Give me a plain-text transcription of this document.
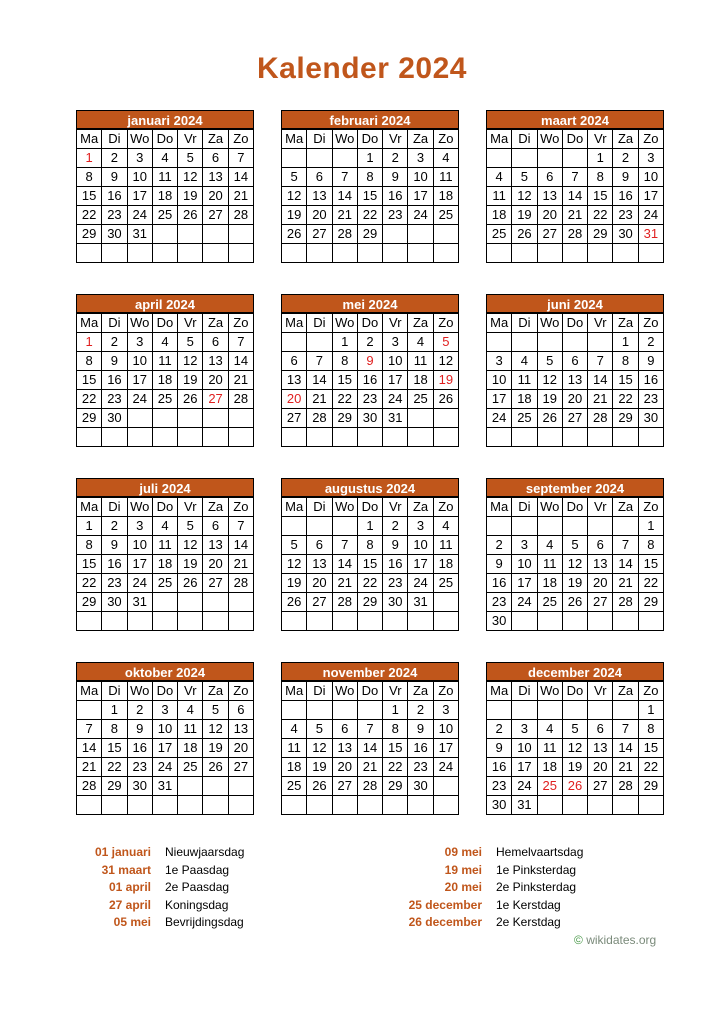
Kalender 2024
januari 2024
Ma	Di	Wo	Do	Vr	Za	Zo
1	2	3	4	5	6	7
8	9	10	11	12	13	14
15	16	17	18	19	20	21
22	23	24	25	26	27	28
29	30	31				

februari 2024
Ma	Di	Wo	Do	Vr	Za	Zo
			1	2	3	4
5	6	7	8	9	10	11
12	13	14	15	16	17	18
19	20	21	22	23	24	25
26	27	28	29			

maart 2024
Ma	Di	Wo	Do	Vr	Za	Zo
				1	2	3
4	5	6	7	8	9	10
11	12	13	14	15	16	17
18	19	20	21	22	23	24
25	26	27	28	29	30	31

april 2024
Ma	Di	Wo	Do	Vr	Za	Zo
1	2	3	4	5	6	7
8	9	10	11	12	13	14
15	16	17	18	19	20	21
22	23	24	25	26	27	28
29	30					

mei 2024
Ma	Di	Wo	Do	Vr	Za	Zo
		1	2	3	4	5
6	7	8	9	10	11	12
13	14	15	16	17	18	19
20	21	22	23	24	25	26
27	28	29	30	31		

juni 2024
Ma	Di	Wo	Do	Vr	Za	Zo
					1	2
3	4	5	6	7	8	9
10	11	12	13	14	15	16
17	18	19	20	21	22	23
24	25	26	27	28	29	30

juli 2024
Ma	Di	Wo	Do	Vr	Za	Zo
1	2	3	4	5	6	7
8	9	10	11	12	13	14
15	16	17	18	19	20	21
22	23	24	25	26	27	28
29	30	31				

augustus 2024
Ma	Di	Wo	Do	Vr	Za	Zo
			1	2	3	4
5	6	7	8	9	10	11
12	13	14	15	16	17	18
19	20	21	22	23	24	25
26	27	28	29	30	31	

september 2024
Ma	Di	Wo	Do	Vr	Za	Zo
						1
2	3	4	5	6	7	8
9	10	11	12	13	14	15
16	17	18	19	20	21	22
23	24	25	26	27	28	29
30						
oktober 2024
Ma	Di	Wo	Do	Vr	Za	Zo
	1	2	3	4	5	6
7	8	9	10	11	12	13
14	15	16	17	18	19	20
21	22	23	24	25	26	27
28	29	30	31			

november 2024
Ma	Di	Wo	Do	Vr	Za	Zo
				1	2	3
4	5	6	7	8	9	10
11	12	13	14	15	16	17
18	19	20	21	22	23	24
25	26	27	28	29	30	

december 2024
Ma	Di	Wo	Do	Vr	Za	Zo
						1
2	3	4	5	6	7	8
9	10	11	12	13	14	15
16	17	18	19	20	21	22
23	24	25	26	27	28	29
30	31					
01 januari Nieuwjaarsdag
31 maart 1e Paasdag
01 april 2e Paasdag
27 april Koningsdag
05 mei Bevrijdingsdag
09 mei Hemelvaartsdag
19 mei 1e Pinksterdag
20 mei 2e Pinksterdag
25 december 1e Kerstdag
26 december 2e Kerstdag
© wikidates.org
